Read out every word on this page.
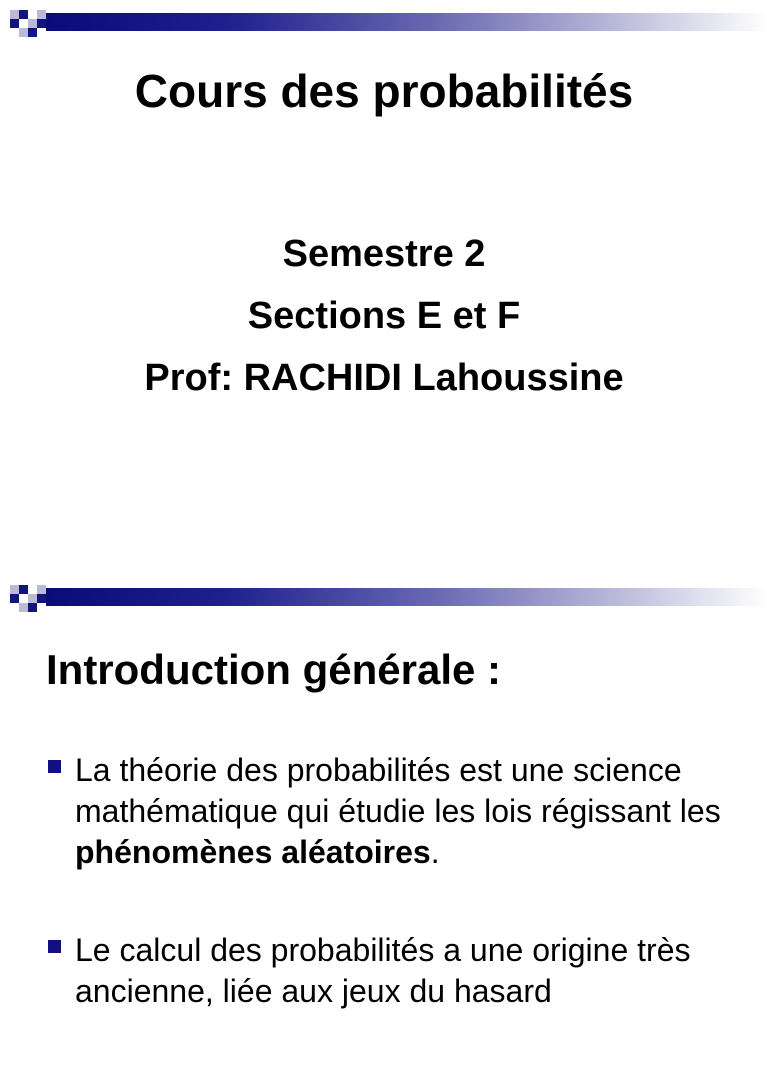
Cours des probabilités
Semestre 2
Sections E et F
Prof: RACHIDI Lahoussine
Introduction générale :
La théorie des probabilités est une science mathématique qui étudie les lois régissant les phénomènes aléatoires.
Le calcul des probabilités a une origine très ancienne, liée aux jeux du hasard
